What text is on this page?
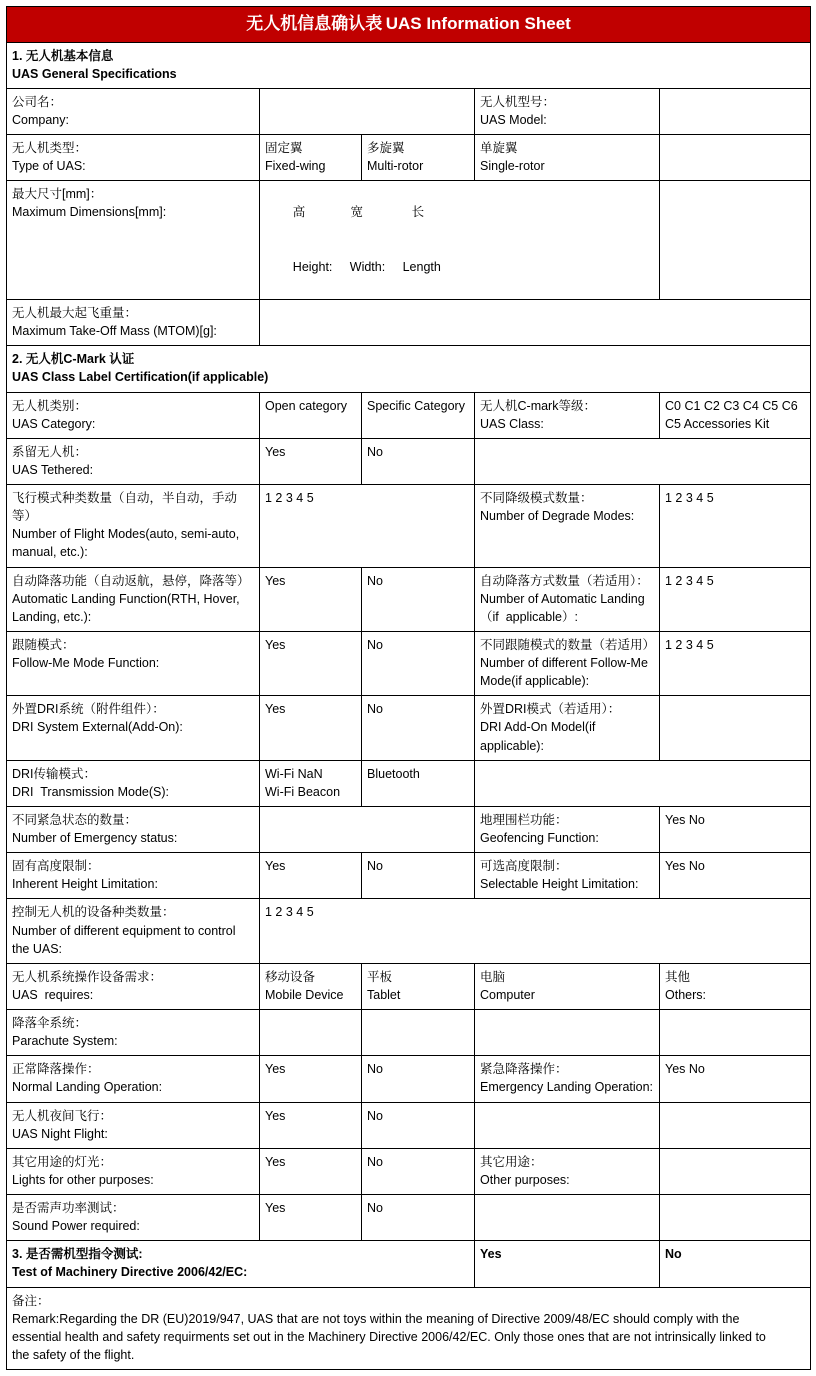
无人机信息确认表 UAS Information Sheet				

1. 无人机基本信息
UAS General Specifications				

公司名：
Company:			无人机型号：
UAS Model:	

无人机类型：
Type of UAS:	固定翼
Fixed-wing	多旋翼
Multi-rotor	单旋翼
Single-rotor	

最大尺寸[mm]：
Maximum Dimensions[mm]:	高 宽 长

Height: Width: Length			

无人机最大起飞重量：
Maximum Take-Off Mass (MTOM)[g]:				

2. 无人机C-Mark 认证
UAS Class Label Certification(if applicable)				

无人机类别：
UAS Category:	Open category	Specific Category	无人机C-mark等级：
UAS Class:	C0 C1 C2 C3 C4 C5 C6
C5 Accessories Kit

系留无人机：
UAS Tethered:	Yes	No		

飞行模式种类数量（自动，半自动，手动等）
Number of Flight Modes(auto, semi-auto,
manual, etc.):	1 2 3 4 5		不同降级模式数量：
Number of Degrade Modes:	1 2 3 4 5

自动降落功能（自动返航，悬停，降落等）
Automatic Landing Function(RTH, Hover,
Landing, etc.):	Yes	No	自动降落方式数量（若适用）：
Number of Automatic Landing
（if  applicable）:	1 2 3 4 5

跟随模式：
Follow-Me Mode Function:	Yes	No	不同跟随模式的数量（若适用）
Number of different Follow-Me
Mode(if applicable):	1 2 3 4 5

外置DRI系统（附件组件）：
DRI System External(Add-On):	Yes	No	外置DRI模式（若适用）：
DRI Add-On Model(if
applicable):	

DRI传输模式：
DRI  Transmission Mode(S):	Wi-Fi NaN
Wi-Fi Beacon	Bluetooth		

不同紧急状态的数量：
Number of Emergency status:			地理围栏功能：
Geofencing Function:	Yes No

固有高度限制：
Inherent Height Limitation:	Yes	No	可选高度限制：
Selectable Height Limitation:	Yes No

控制无人机的设备种类数量：
Number of different equipment to control
the UAS:	1 2 3 4 5			

无人机系统操作设备需求：
UAS  requires:	移动设备
Mobile Device	平板
Tablet	电脑
Computer	其他
Others:

降落伞系统：
Parachute System:				

正常降落操作：
Normal Landing Operation:	Yes	No	紧急降落操作：
Emergency Landing Operation:	Yes No

无人机夜间飞行：
UAS Night Flight:	Yes	No		

其它用途的灯光：
Lights for other purposes:	Yes	No	其它用途：
Other purposes:	

是否需声功率测试：
Sound Power required:	Yes	No		

3. 是否需机型指令测试:
Test of Machinery Directive 2006/42/EC:			Yes	No

备注：
Remark:Regarding the DR (EU)2019/947, UAS that are not toys within the meaning of Directive 2009/48/EC should comply with the
essential health and safety requirments set out in the Machinery Directive 2006/42/EC. Only those ones that are not intrinsically linked to
the safety of the flight.				
